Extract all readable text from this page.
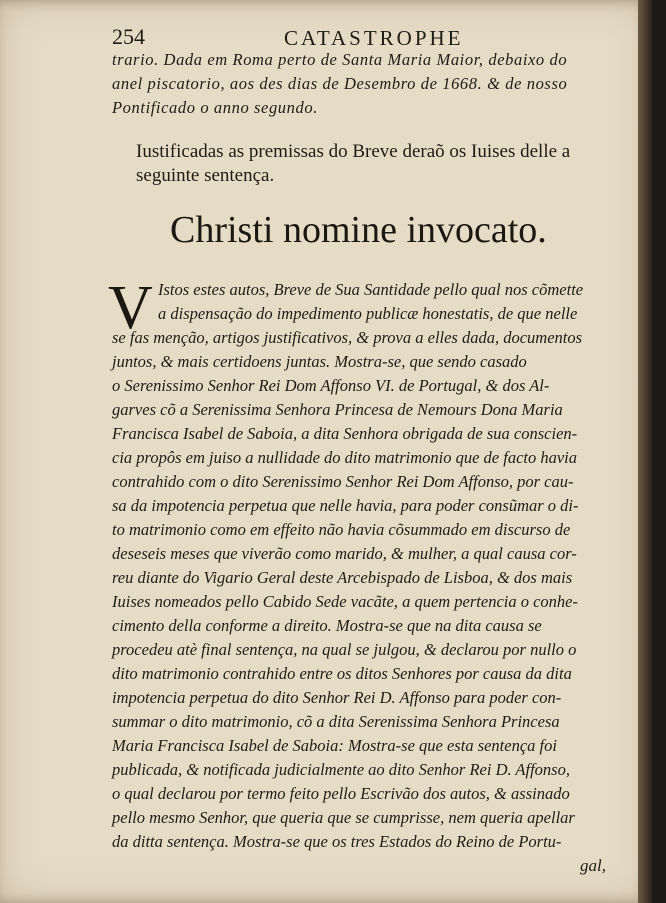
254	CATASTROPHE
trario. Dada em Roma perto de Santa Maria Maior, debaixo do
anel piscatorio, aos des dias de Desembro de 1668. & de nosso
Pontificado o anno segundo.
Iustificadas as premissas do Breve deraõ os Iuises delle a
seguinte sentença.
Christi nomine invocato.
V Istos estes autos, Breve de Sua Santidade pello qual nos cõmette
a dispensação do impedimento publicæ honestatis, de que nelle
se fas menção, artigos justificativos, & prova a elles dada, documentos
juntos, & mais certidoens juntas. Mostra-se, que sendo casado
o Serenissimo Senhor Rei Dom Affonso VI. de Portugal, & dos Al-
garves cõ a Serenissima Senhora Princesa de Nemours Dona Maria
Francisca Isabel de Saboia, a dita Senhora obrigada de sua conscien-
cia propôs em juiso a nullidade do dito matrimonio que de facto havia
contrahido com o dito Serenissimo Senhor Rei Dom Affonso, por cau-
sa da impotencia perpetua que nelle havia, para poder consũmar o di-
to matrimonio como em effeito não havia cõsummado em discurso de
deseseis meses que viverão como marido, & mulher, a qual causa cor-
reu diante do Vigario Geral deste Arcebispado de Lisboa, & dos mais
Iuises nomeados pello Cabido Sede vacãte, a quem pertencia o conhe-
cimento della conforme a direito. Mostra-se que na dita causa se
procedeu atè final sentença, na qual se julgou, & declarou por nullo o
dito matrimonio contrahido entre os ditos Senhores por causa da dita
impotencia perpetua do dito Senhor Rei D. Affonso para poder con-
summar o dito matrimonio, cõ a dita Serenissima Senhora Princesa
Maria Francisca Isabel de Saboia: Mostra-se que esta sentença foi
publicada, & notificada judicialmente ao dito Senhor Rei D. Affonso,
o qual declarou por termo feito pello Escrivão dos autos, & assinado
pello mesmo Senhor, que queria que se cumprisse, nem queria apellar
da ditta sentença. Mostra-se que os tres Estados do Reino de Portu-
gal,
